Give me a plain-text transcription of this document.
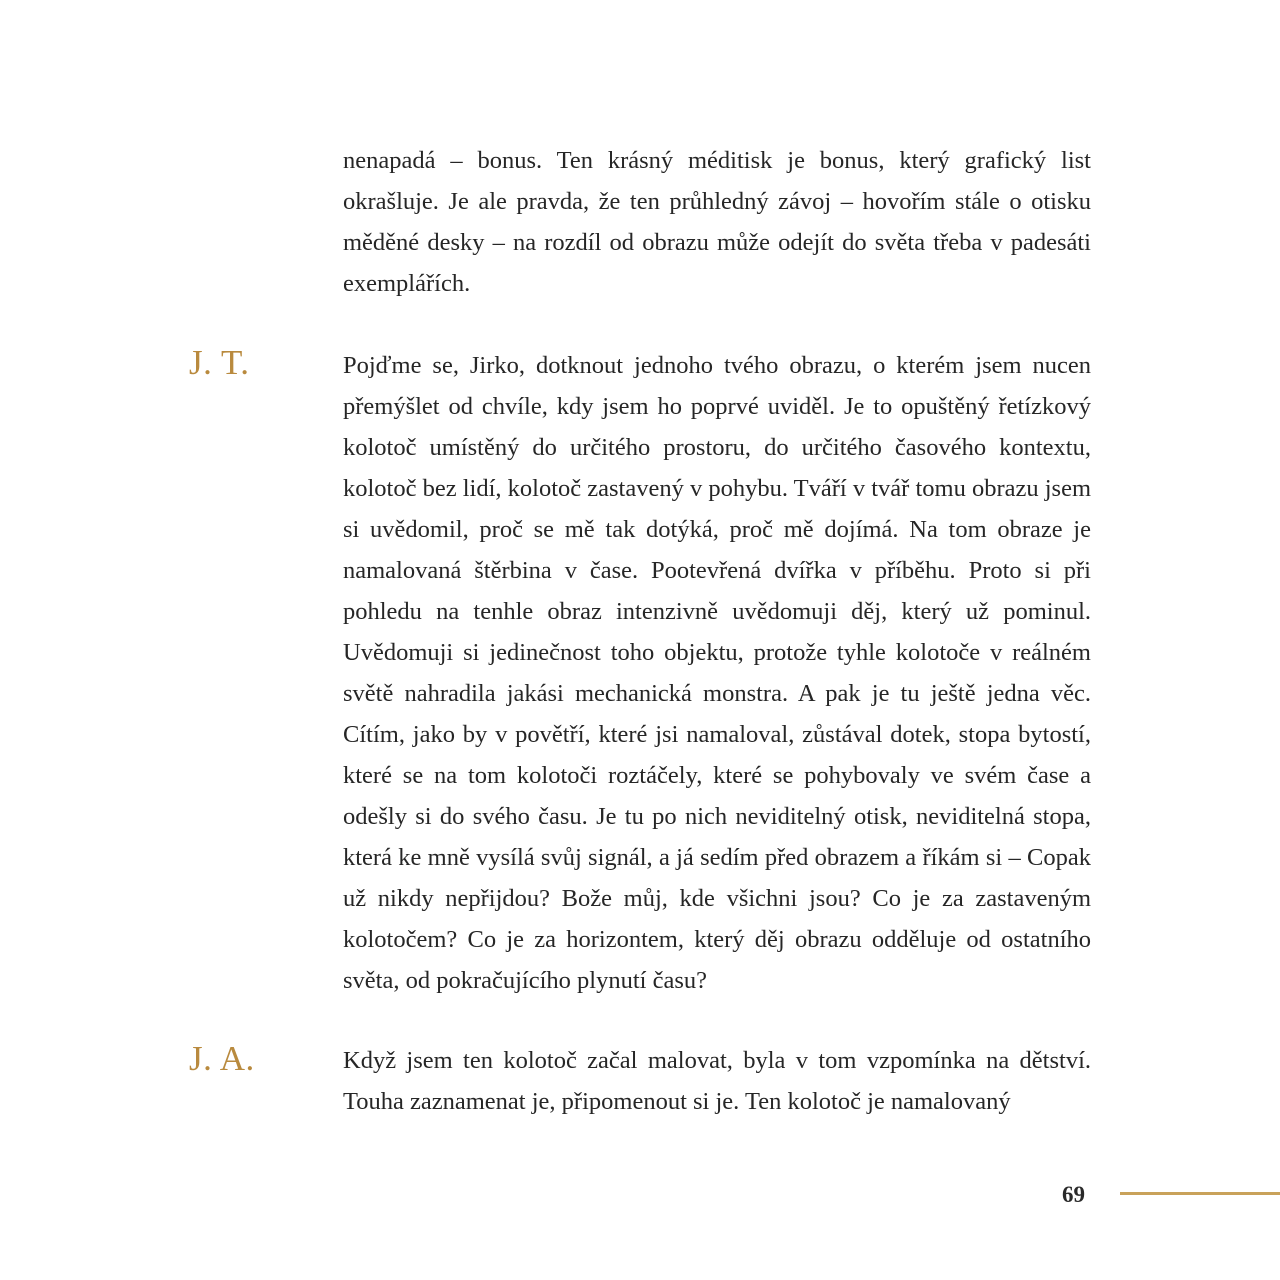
nenapadá – bonus. Ten krásný méditisk je bonus, který grafický list okrašluje. Je ale pravda, že ten průhledný závoj – hovořím stále o otisku měděné desky – na rozdíl od obrazu může odejít do světa třeba v padesáti exemplářích.

J. T.	Pojďme se, Jirko, dotknout jednoho tvého obrazu, o kterém jsem nucen přemýšlet od chvíle, kdy jsem ho poprvé uviděl. Je to opuštěný řetízkový kolotoč umístěný do určitého prostoru, do určitého časového kontextu, kolotoč bez lidí, kolotoč zastavený v pohybu. Tváří v tvář tomu obrazu jsem si uvědomil, proč se mě tak dotýká, proč mě dojímá. Na tom obraze je namalovaná štěrbina v čase. Pootevřená dvířka v příběhu. Proto si při pohledu na tenhle obraz intenzivně uvědomuji děj, který už pominul. Uvědomuji si jedinečnost toho objektu, protože tyhle kolotoče v reálném světě nahradila jakási mechanická monstra. A pak je tu ještě jedna věc. Cítím, jako by v povětří, které jsi namaloval, zůstával dotek, stopa bytostí, které se na tom kolotoči roztáčely, které se pohybovaly ve svém čase a odešly si do svého času. Je tu po nich neviditelný otisk, neviditelná stopa, která ke mně vysílá svůj signál, a já sedím před obrazem a říkám si – Copak už nikdy nepřijdou? Bože můj, kde všichni jsou? Co je za zastaveným kolotočem? Co je za horizontem, který děj obrazu odděluje od ostatního světa, od pokračujícího plynutí času?

J. A.	Když jsem ten kolotoč začal malovat, byla v tom vzpomínka na dětství. Touha zaznamenat je, připomenout si je. Ten kolotoč je namalovaný

69
